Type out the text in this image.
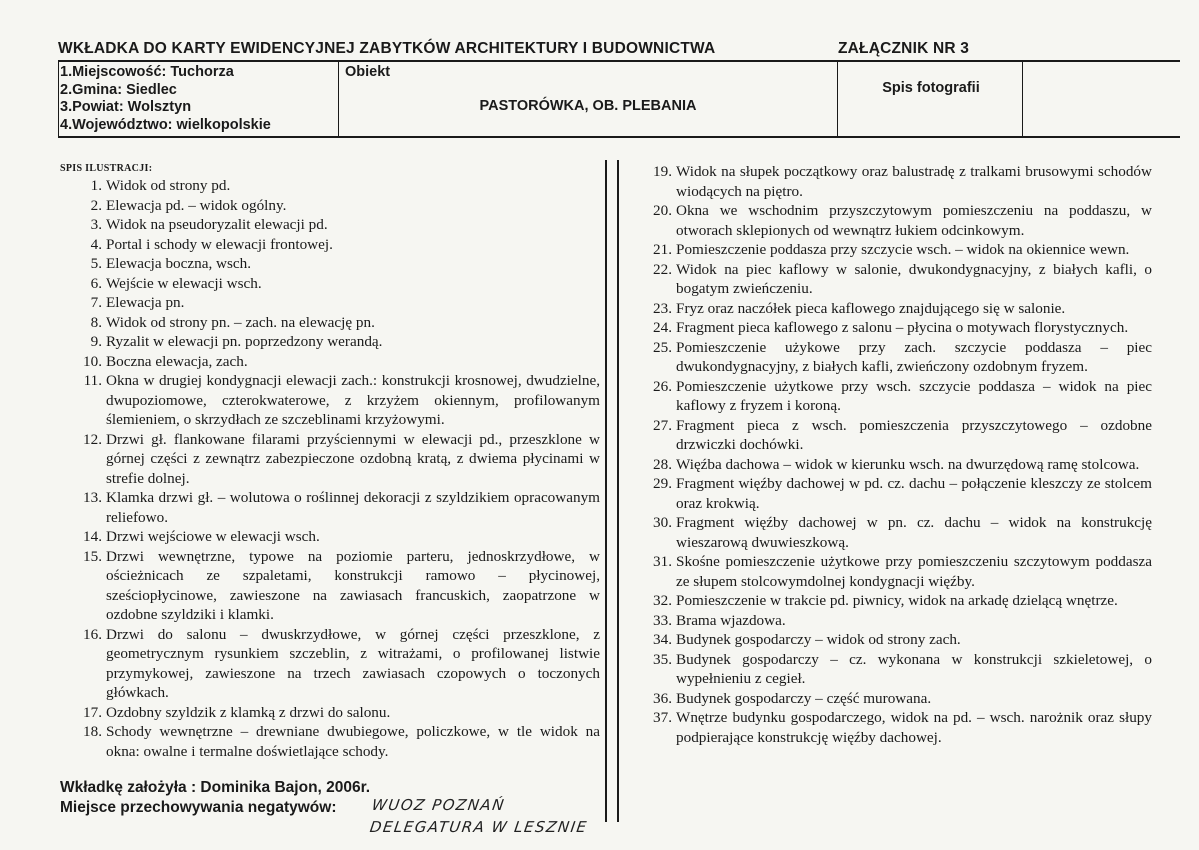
WKŁADKA DO KARTY EWIDENCYJNEJ ZABYTKÓW ARCHITEKTURY I BUDOWNICTWA	ZAŁĄCZNIK NR 3
1.Miejscowość: Tuchorza
2.Gmina: Siedlec
3.Powiat: Wolsztyn
4.Województwo: wielkopolskie
Obiekt
PASTORÓWKA, OB. PLEBANIA
Spis fotografii
SPIS ILUSTRACJI:
1. Widok od strony pd.
2. Elewacja pd. – widok ogólny.
3. Widok na pseudoryzalit elewacji pd.
4. Portal i schody w elewacji frontowej.
5. Elewacja boczna, wsch.
6. Wejście w elewacji wsch.
7. Elewacja pn.
8. Widok od strony pn. – zach. na elewację pn.
9. Ryzalit w elewacji pn. poprzedzony werandą.
10. Boczna elewacja, zach.
11. Okna w drugiej kondygnacji elewacji zach.: konstrukcji krosnowej, dwudzielne, dwupoziomowe, czterokwaterowe, z krzyżem okiennym, profilowanym ślemieniem, o skrzydłach ze szczeblinami krzyżowymi.
12. Drzwi gł. flankowane filarami przyściennymi w elewacji pd., przeszklone w górnej części z zewnątrz zabezpieczone ozdobną kratą, z dwiema płycinami w strefie dolnej.
13. Klamka drzwi gł. – wolutowa o roślinnej dekoracji z szyldzikiem opracowanym reliefowo.
14. Drzwi wejściowe w elewacji wsch.
15. Drzwi wewnętrzne, typowe na poziomie parteru, jednoskrzydłowe, w ościeżnicach ze szpaletami, konstrukcji ramowo – płycinowej, sześciopłycinowe, zawieszone na zawiasach francuskich, zaopatrzone w ozdobne szyldziki i klamki.
16. Drzwi do salonu – dwuskrzydłowe, w górnej części przeszklone, z geometrycznym rysunkiem szczeblin, z witrażami, o profilowanej listwie przymykowej, zawieszone na trzech zawiasach czopowych o toczonych główkach.
17. Ozdobny szyldzik z klamką z drzwi do salonu.
18. Schody wewnętrzne – drewniane dwubiegowe, policzkowe, w tle widok na okna: owalne i termalne doświetlające schody.
19. Widok na słupek początkowy oraz balustradę z tralkami brusowymi schodów wiodących na piętro.
20. Okna we wschodnim przyszczytowym pomieszczeniu na poddaszu, w otworach sklepionych od wewnątrz łukiem odcinkowym.
21. Pomieszczenie poddasza przy szczycie wsch. – widok na okiennice wewn.
22. Widok na piec kaflowy w salonie, dwukondygnacyjny, z białych kafli, o bogatym zwieńczeniu.
23. Fryz oraz naczółek pieca kaflowego znajdującego się w salonie.
24. Fragment pieca kaflowego z salonu – płycina o motywach florystycznych.
25. Pomieszczenie użykowe przy zach. szczycie poddasza – piec dwukondygnacyjny, z białych kafli, zwieńczony ozdobnym fryzem.
26. Pomieszczenie użytkowe przy wsch. szczycie poddasza – widok na piec kaflowy z fryzem i koroną.
27. Fragment pieca z wsch. pomieszczenia przyszczytowego – ozdobne drzwiczki dochówki.
28. Więźba dachowa – widok w kierunku wsch. na dwurzędową ramę stolcowa.
29. Fragment więźby dachowej w pd. cz. dachu – połączenie kleszczy ze stolcem oraz krokwią.
30. Fragment więźby dachowej w pn. cz. dachu – widok na konstrukcję wieszarową dwuwieszkową.
31. Skośne pomieszczenie użytkowe przy pomieszczeniu szczytowym poddasza ze słupem stolcowymdolnej kondygnacji więźby.
32. Pomieszczenie w trakcie pd. piwnicy, widok na arkadę dzielącą wnętrze.
33. Brama wjazdowa.
34. Budynek gospodarczy – widok od strony zach.
35. Budynek gospodarczy – cz. wykonana w konstrukcji szkieletowej, o wypełnieniu z cegieł.
36. Budynek gospodarczy – część murowana.
37. Wnętrze budynku gospodarczego, widok na pd. – wsch. narożnik oraz słupy podpierające konstrukcję więźby dachowej.
Wkładkę założyła : Dominika Bajon, 2006r.
Miejsce przechowywania negatywów:	WUOZ POZNAŃ
DELEGATURA W LESZNIE
